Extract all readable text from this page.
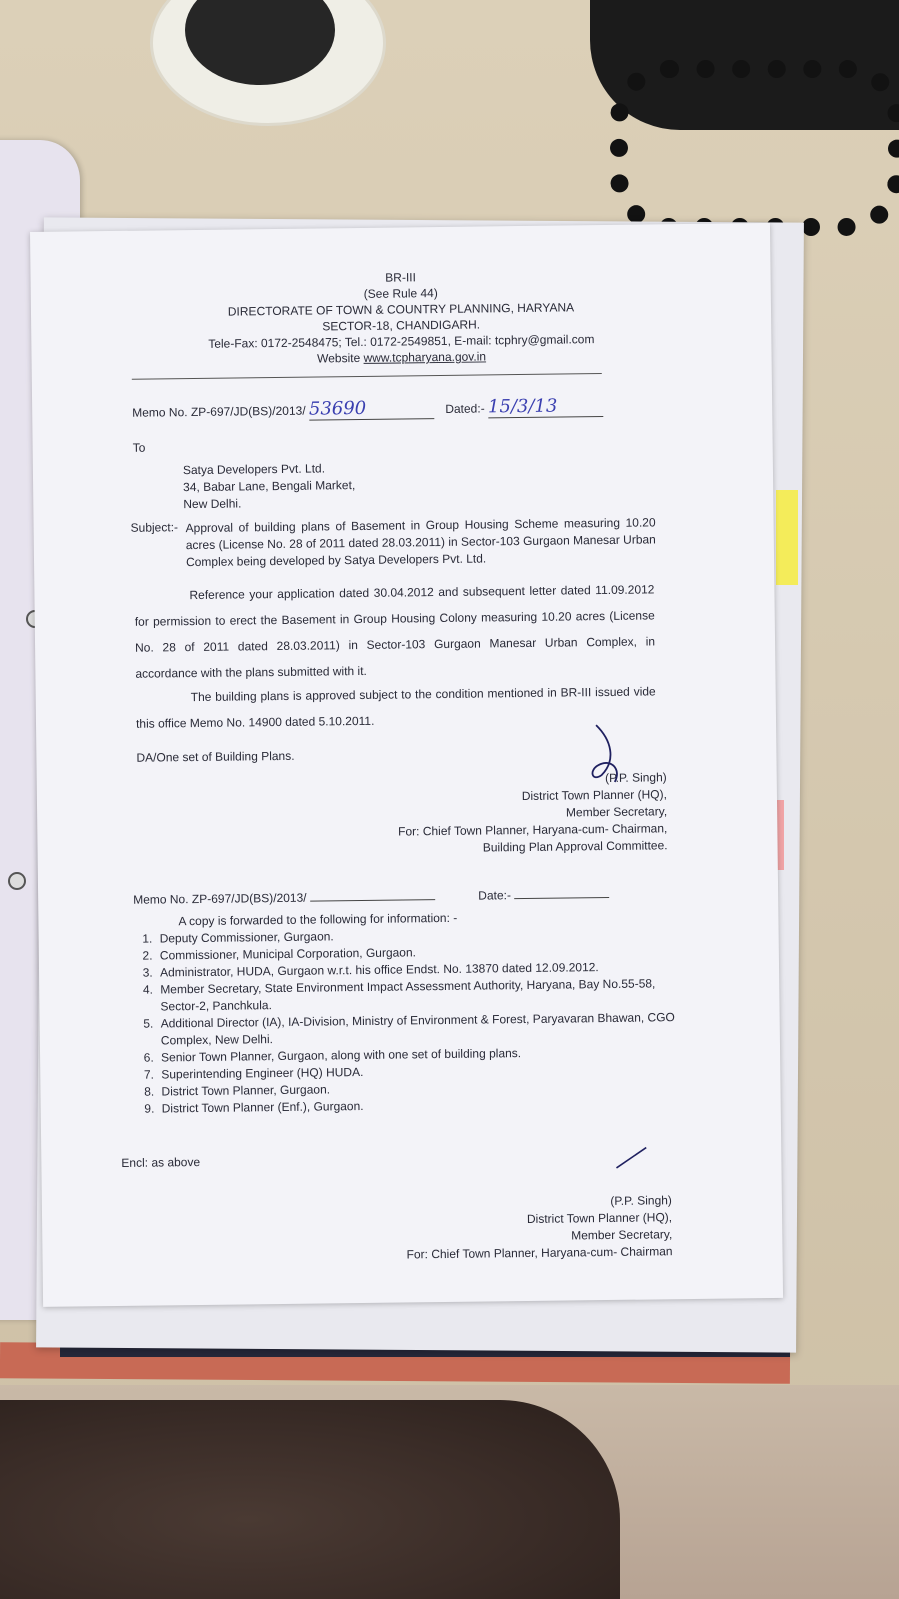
BR-III
(See Rule 44)
DIRECTORATE OF TOWN & COUNTRY PLANNING, HARYANA
SECTOR-18, CHANDIGARH.
Tele-Fax: 0172-2548475; Tel.: 0172-2549851, E-mail: tcphry@gmail.com
Website www.tcpharyana.gov.in
Memo No. ZP-697/JD(BS)/2013/ 53690	Dated:- 15/3/13
To
Satya Developers Pvt. Ltd.
34, Babar Lane, Bengali Market,
New Delhi.
Subject:- Approval of building plans of Basement in Group Housing Scheme measuring 10.20 acres (License No. 28 of 2011 dated 28.03.2011) in Sector-103 Gurgaon Manesar Urban Complex being developed by Satya Developers Pvt. Ltd.
Reference your application dated 30.04.2012 and subsequent letter dated 11.09.2012 for permission to erect the Basement in Group Housing Colony measuring 10.20 acres (License No. 28 of 2011 dated 28.03.2011) in Sector-103 Gurgaon Manesar Urban Complex, in accordance with the plans submitted with it.
The building plans is approved subject to the condition mentioned in BR-III issued vide this office Memo No. 14900 dated 5.10.2011.
DA/One set of Building Plans.
(P.P. Singh)
District Town Planner (HQ),
Member Secretary,
For: Chief Town Planner, Haryana-cum- Chairman,
Building Plan Approval Committee.
Memo No. ZP-697/JD(BS)/2013/	Date:-
A copy is forwarded to the following for information: -
1. Deputy Commissioner, Gurgaon.
2. Commissioner, Municipal Corporation, Gurgaon.
3. Administrator, HUDA, Gurgaon w.r.t. his office Endst. No. 13870 dated 12.09.2012.
4. Member Secretary, State Environment Impact Assessment Authority, Haryana, Bay No.55-58, Sector-2, Panchkula.
5. Additional Director (IA), IA-Division, Ministry of Environment & Forest, Paryavaran Bhawan, CGO Complex, New Delhi.
6. Senior Town Planner, Gurgaon, along with one set of building plans.
7. Superintending Engineer (HQ) HUDA.
8. District Town Planner, Gurgaon.
9. District Town Planner (Enf.), Gurgaon.
Encl: as above
(P.P. Singh)
District Town Planner (HQ),
Member Secretary,
For: Chief Town Planner, Haryana-cum- Chairman
